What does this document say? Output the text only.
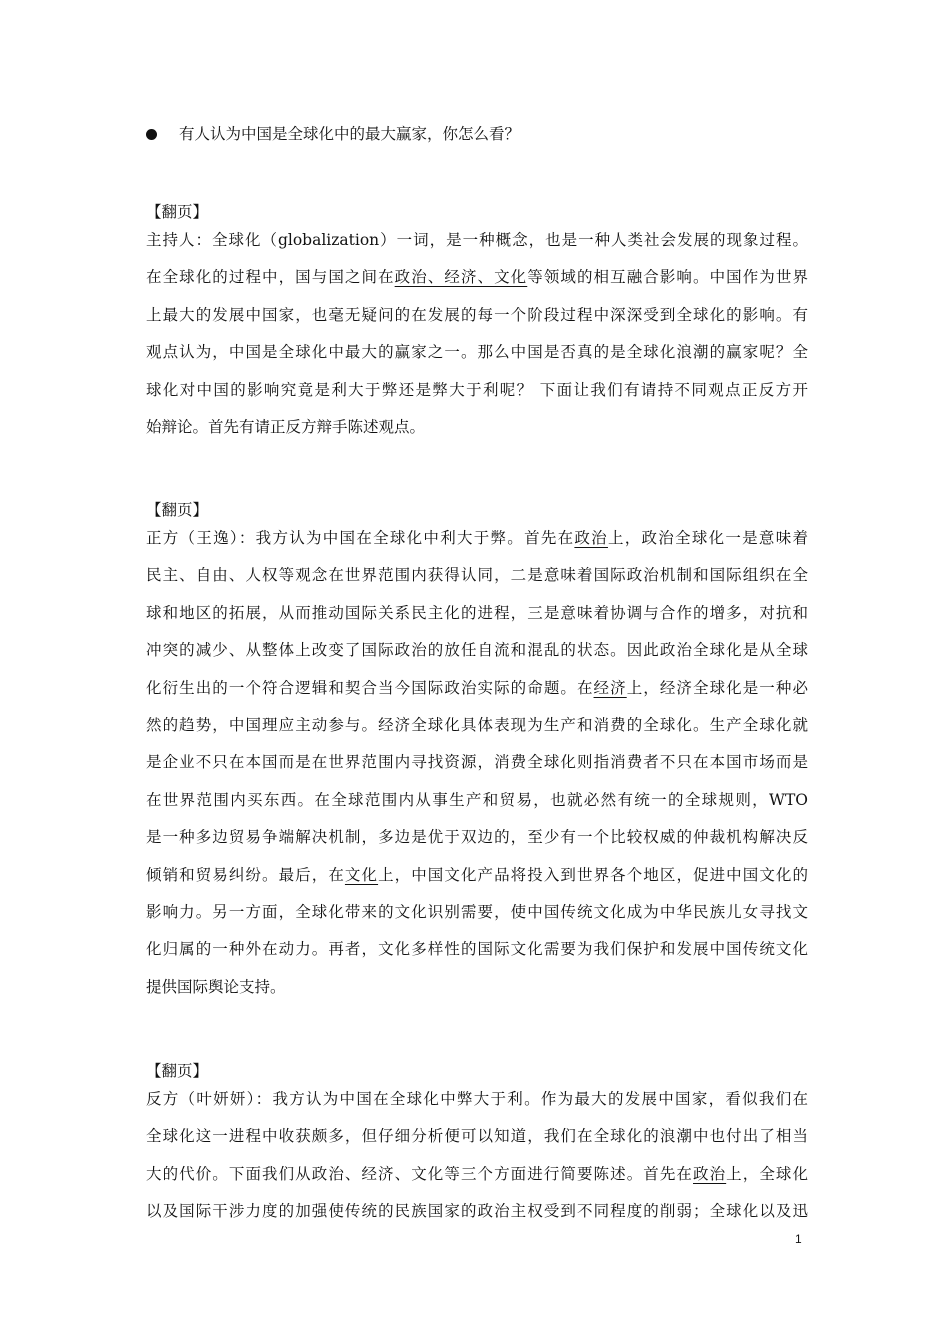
有人认为中国是全球化中的最大赢家，你怎么看？
【翻页】
主持人：全球化（globalization）一词，是一种概念，也是一种人类社会发展的现象过程。
在全球化的过程中，国与国之间在政治、经济、文化等领域的相互融合影响。中国作为世界
上最大的发展中国家，也毫无疑问的在发展的每一个阶段过程中深深受到全球化的影响。有
观点认为，中国是全球化中最大的赢家之一。那么中国是否真的是全球化浪潮的赢家呢？全
球化对中国的影响究竟是利大于弊还是弊大于利呢？ 下面让我们有请持不同观点正反方开
始辩论。首先有请正反方辩手陈述观点。
【翻页】
正方（王逸）：我方认为中国在全球化中利大于弊。首先在政治上，政治全球化一是意味着
民主、自由、人权等观念在世界范围内获得认同，二是意味着国际政治机制和国际组织在全
球和地区的拓展，从而推动国际关系民主化的进程，三是意味着协调与合作的增多，对抗和
冲突的减少、从整体上改变了国际政治的放任自流和混乱的状态。因此政治全球化是从全球
化衍生出的一个符合逻辑和契合当今国际政治实际的命题。在经济上，经济全球化是一种必
然的趋势，中国理应主动参与。经济全球化具体表现为生产和消费的全球化。生产全球化就
是企业不只在本国而是在世界范围内寻找资源，消费全球化则指消费者不只在本国市场而是
在世界范围内买东西。在全球范围内从事生产和贸易，也就必然有统一的全球规则，WTO
是一种多边贸易争端解决机制，多边是优于双边的，至少有一个比较权威的仲裁机构解决反
倾销和贸易纠纷。最后，在文化上，中国文化产品将投入到世界各个地区，促进中国文化的
影响力。另一方面，全球化带来的文化识别需要，使中国传统文化成为中华民族儿女寻找文
化归属的一种外在动力。再者，文化多样性的国际文化需要为我们保护和发展中国传统文化
提供国际舆论支持。
【翻页】
反方（叶妍妍）：我方认为中国在全球化中弊大于利。作为最大的发展中国家，看似我们在
全球化这一进程中收获颇多，但仔细分析便可以知道，我们在全球化的浪潮中也付出了相当
大的代价。下面我们从政治、经济、文化等三个方面进行简要陈述。首先在政治上，全球化
以及国际干涉力度的加强使传统的民族国家的政治主权受到不同程度的削弱；全球化以及迅
1
